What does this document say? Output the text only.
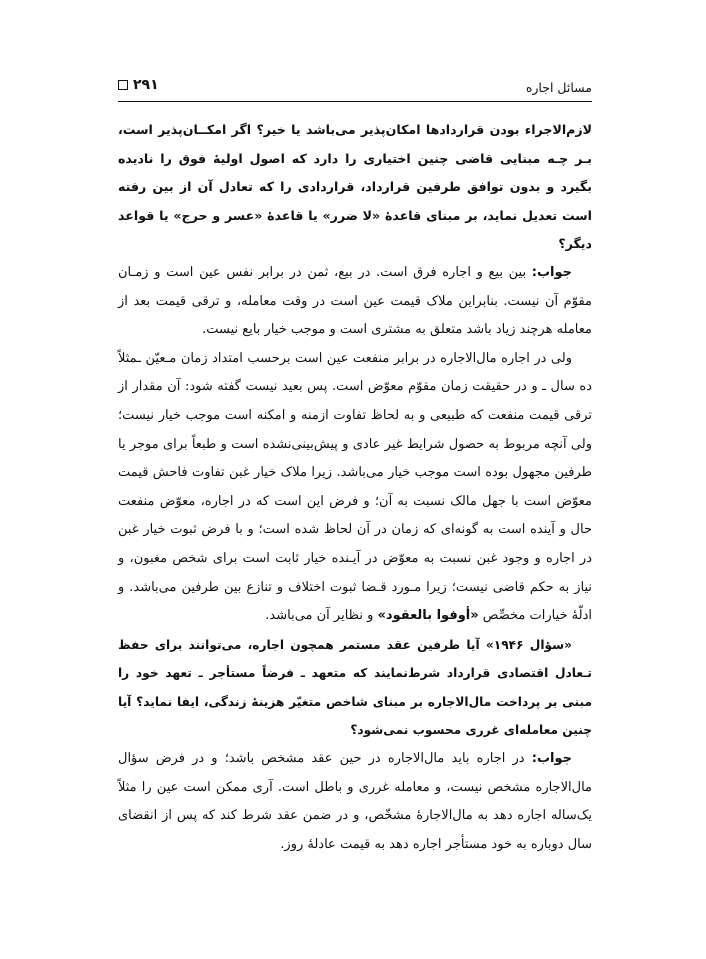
مسائل اجاره
۲۹۱

لازم‌الاجراء بودن قراردادها امکان‌پذیر می‌باشد یا خیر؟ اگر امکــان‌پذیر است، بـر چـه مبنایی قاضی چنین اختیاری را دارد که اصول اولیهٔ فوق را نادیده بگیرد و بدون توافق طرفین قرارداد، قراردادی را که تعادل آن از بین رفته است تعدیل نماید، بر مبنای قاعدهٔ «لا ضرر» یا قاعدهٔ «عسر و حرج» یا قواعد دیگر؟

جواب: بین بیع و اجاره فرق است. در بیع، ثمن در برابر نفس عین است و زمـان مقوّم آن نیست. بنابراین ملاک قیمت عین است در وقت معامله، و ترقی قیمت بعد از معامله هرچند زیاد باشد متعلق به مشتری است و موجب خیار بایع نیست.

ولی در اجاره مال‌الاجاره در برابر منفعت عین است برحسب امتداد زمان مـعیّن ـمثلاً ده سال ـ و در حقیقت زمان مقوّم معوّض است. پس بعید نیست گفته شود: آن مقدار از ترقی قیمت منفعت که طبیعی و به لحاظ تفاوت ازمنه و امکنه است موجب خیار نیست؛ ولی آنچه مربوط به حصول شرایط غیر عادی و پیش‌بینی‌نشده است و طبعاً برای موجر یا طرفین مجهول بوده است موجب خیار می‌باشد. زیرا ملاک خیار غبن تفاوت فاحش قیمت معوّض است با جهل مالک نسبت به آن؛ و فرض این است که در اجاره، معوّض منفعت حال و آینده است به گونه‌ای که زمان در آن لحاظ شده است؛ و با فرض ثبوت خیار غبن در اجاره و وجود غبن نسبت به معوّض در آیـنده خیار ثابت است برای شخص مغبون، و نیاز به حکم قاضی نیست؛ زیرا مـورد قـضا ثبوت اختلاف و تنازع بین طرفین می‌باشد. و ادلّهٔ خیارات مخصِّص «أوفوا بالعقود» و نظایر آن می‌باشد.

«سؤال ۱۹۴۶» آیا طرفین عقد مستمر همچون اجاره، می‌توانند برای حفظ تـعادل اقتصادی قرارداد شرط‌نمایند که متعهد ـ فرضاً مستأجر ـ تعهد خود را مبنی بر پرداخت مال‌الاجاره بر مبنای شاخص متغیّر هزینهٔ زندگی، ایفا نماید؟ آیا چنین معامله‌ای غرری محسوب نمی‌شود؟

جواب: در اجاره باید مال‌الاجاره در حین عقد مشخص باشد؛ و در فرض سؤال مال‌الاجاره مشخص نیست، و معامله غرری و باطل است. آری ممکن است عین را مثلاً یک‌ساله اجاره دهد به مال‌الاجارهٔ مشخّص، و در ضمن عقد شرط کند که پس از انقضای سال دوباره به خود مستأجر اجاره دهد به قیمت عادلهٔ روز.
